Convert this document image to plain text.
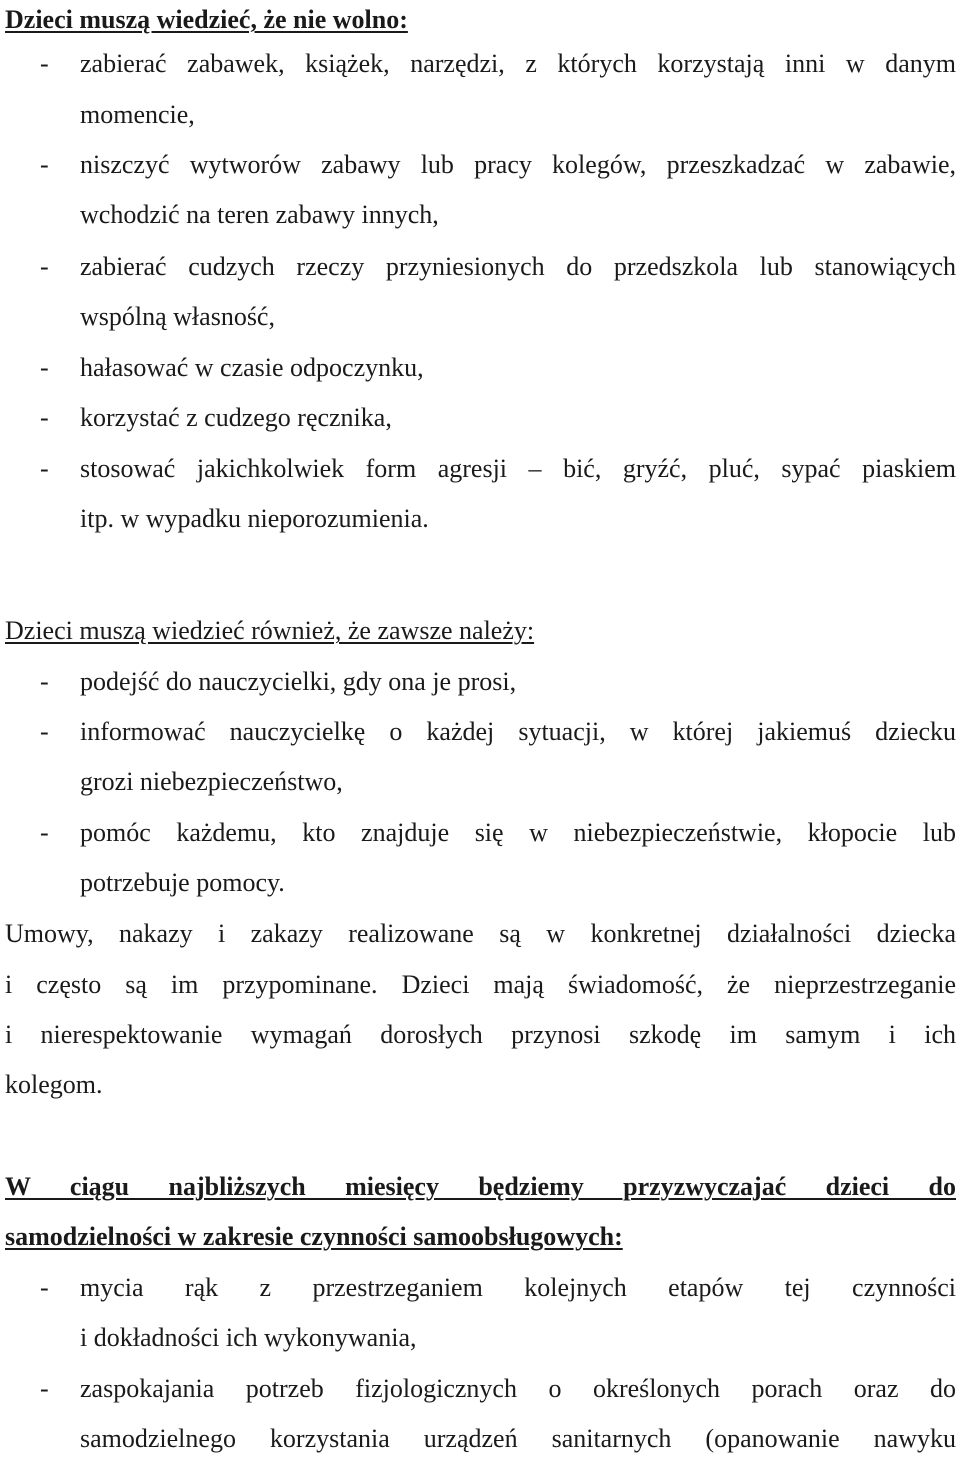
Dzieci muszą wiedzieć, że nie wolno:
- zabierać zabawek, książek, narzędzi, z których korzystają inni w danym
momencie,
- niszczyć wytworów zabawy lub pracy kolegów, przeszkadzać w zabawie,
wchodzić na teren zabawy innych,
- zabierać cudzych rzeczy przyniesionych do przedszkola lub stanowiących
wspólną własność,
- hałasować w czasie odpoczynku,
- korzystać z cudzego ręcznika,
- stosować jakichkolwiek form agresji – bić, gryźć, pluć, sypać piaskiem
itp. w wypadku nieporozumienia.
Dzieci muszą wiedzieć również, że zawsze należy:
- podejść do nauczycielki, gdy ona je prosi,
- informować nauczycielkę o każdej sytuacji, w której jakiemuś dziecku
grozi niebezpieczeństwo,
- pomóc każdemu, kto znajduje się w niebezpieczeństwie, kłopocie lub
potrzebuje pomocy.
Umowy, nakazy i zakazy realizowane są w konkretnej działalności dziecka
i często są im przypominane. Dzieci mają świadomość, że nieprzestrzeganie
i nierespektowanie wymagań dorosłych przynosi szkodę im samym i ich
kolegom.
W ciągu najbliższych miesięcy będziemy przyzwyczajać dzieci do
samodzielności w zakresie czynności samoobsługowych:
- mycia rąk z przestrzeganiem kolejnych etapów tej czynności
i dokładności ich wykonywania,
- zaspokajania potrzeb fizjologicznych o określonych porach oraz do
samodzielnego korzystania urządzeń sanitarnych (opanowanie nawyku
